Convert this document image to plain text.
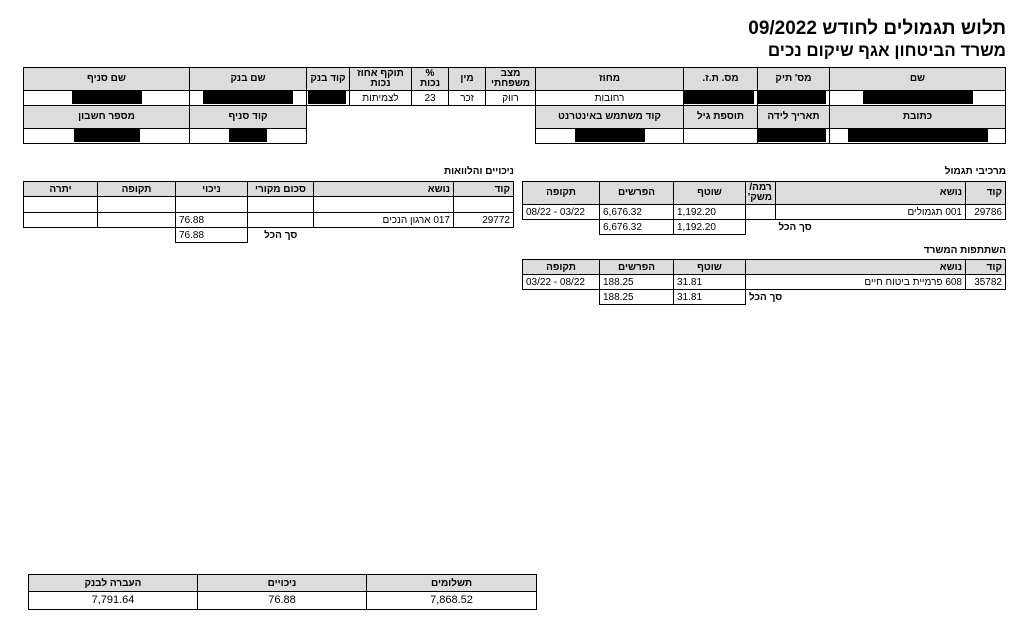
תלוש תגמולים לחודש 09/2022
משרד הביטחון אגף שיקום נכים
שם	מס' תיק	מס. ת.ז.	מחוז	מצב משפחתי	מין	% נכות	תוקף אחוז נכות	קוד בנק	שם בנק	שם סניף
			רחובות	רווק	זכר	23	לצמיתות			
כתובת	תאריך לידה	תוספת גיל	קוד משתמש באינטרנט						קוד סניף	מספר חשבון

מרכיבי תגמול
קוד	נושא	רמה/ משק'	שוטף	הפרשים	תקופה
29786	001 תגמולים		1,192.20	6,676.32	03/22 - 08/22
	סך הכל		1,192.20	6,676.32	
השתתפות המשרד
קוד	נושא	שוטף	הפרשים	תקופה
35782	608 פרמיית ביטוח חיים	31.81	188.25	08/22 - 03/22
	סך הכל	31.81	188.25	
ניכויים והלוואות
קוד	נושא	סכום מקורי	ניכוי	תקופה	יתרה

29772	017 ארגון הנכים		76.88		
		סך הכל	76.88		
תשלומים	ניכויים	העברה לבנק
7,868.52	76.88	7,791.64
